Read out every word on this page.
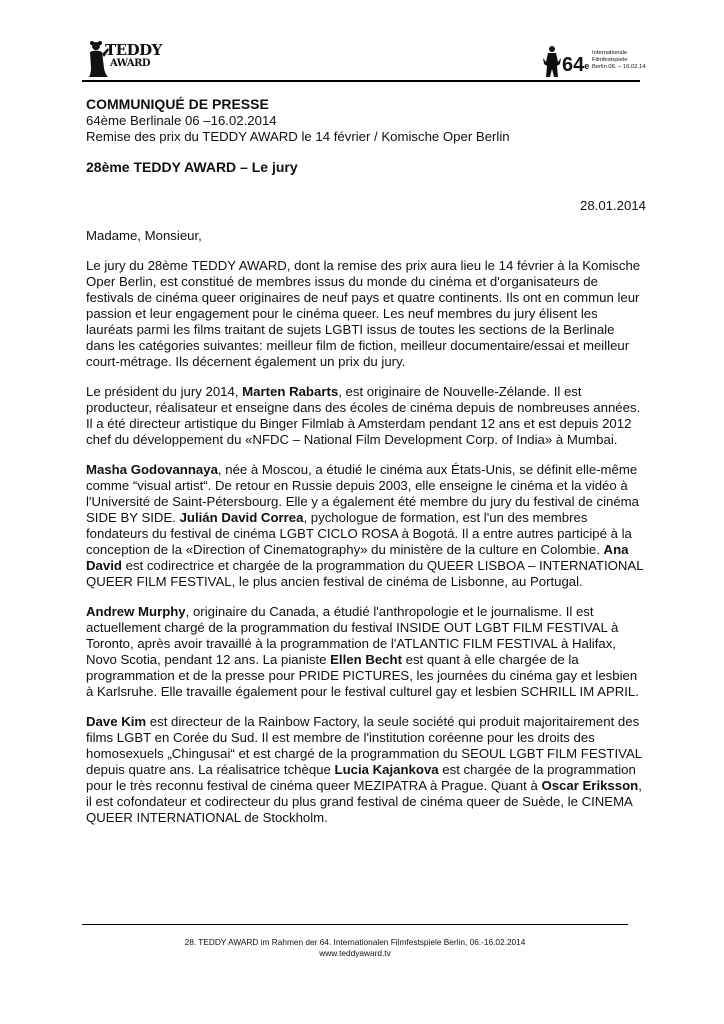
TEDDY
AWARD	64e
Internationale
Filmfestspiele
Berlin 06. – 16.02.14

COMMUNIQUÉ DE PRESSE

64ème Berlinale 06 –16.02.2014

Remise des prix du TEDDY AWARD le 14 février / Komische Oper Berlin

28ème TEDDY AWARD – Le jury

28.01.2014

Madame, Monsieur,

Le jury du 28ème TEDDY AWARD, dont la remise des prix aura lieu le 14 février à la Komische Oper Berlin, est constitué de membres issus du monde du cinéma et d'organisateurs de festivals de cinéma queer originaires de neuf pays et quatre continents. Ils ont en commun leur passion et leur engagement pour le cinéma queer. Les neuf membres du jury élisent les lauréats parmi les films traitant de sujets LGBTI issus de toutes les sections de la Berlinale dans les catégories suivantes: meilleur film de fiction, meilleur documentaire/essai et meilleur court-métrage. Ils décernent également un prix du jury.

Le président du jury 2014, Marten Rabarts, est originaire de Nouvelle-Zélande. Il est producteur, réalisateur et enseigne dans des écoles de cinéma depuis de nombreuses années. Il a été directeur artistique du Binger Filmlab à Amsterdam pendant 12 ans et est depuis 2012 chef du développement du «NFDC – National Film Development Corp. of India» à Mumbai.

Masha Godovannaya, née à Moscou, a étudié le cinéma aux États-Unis, se définit elle-même comme “visual artist“. De retour en Russie depuis 2003, elle enseigne le cinéma et la vidéo à l'Université de Saint-Pétersbourg. Elle y a également été membre du jury du festival de cinéma SIDE BY SIDE. Julián David Correa, pychologue de formation, est l'un des membres fondateurs du festival de cinéma LGBT CICLO ROSA à Bogotá. Il a entre autres participé à la conception de la «Direction of Cinematography» du ministère de la culture en Colombie. Ana David est codirectrice et chargée de la programmation du QUEER LISBOA – INTERNATIONAL QUEER FILM FESTIVAL, le plus ancien festival de cinéma de Lisbonne, au Portugal.

Andrew Murphy, originaire du Canada, a étudié l'anthropologie et le journalisme. Il est actuellement chargé de la programmation du festival INSIDE OUT LGBT FILM FESTIVAL à Toronto, après avoir travaillé à la programmation de l'ATLANTIC FILM FESTIVAL à Halifax, Novo Scotia, pendant 12 ans. La pianiste Ellen Becht est quant à elle chargée de la programmation et de la presse pour PRIDE PICTURES, les journées du cinéma gay et lesbien à Karlsruhe. Elle travaille également pour le festival culturel gay et lesbien SCHRILL IM APRIL.

Dave Kim est directeur de la Rainbow Factory, la seule société qui produit majoritairement des films LGBT en Corée du Sud. Il est membre de l'institution coréenne pour les droits des homosexuels „Chingusai“ et est chargé de la programmation du SEOUL LGBT FILM FESTIVAL depuis quatre ans. La réalisatrice tchèque Lucia Kajankova est chargée de la programmation pour le très reconnu festival de cinéma queer MEZIPATRA à Prague. Quant à Oscar Eriksson, il est cofondateur et codirecteur du plus grand festival de cinéma queer de Suède, le CINEMA QUEER INTERNATIONAL de Stockholm.

28. TEDDY AWARD im Rahmen der 64. Internationalen Filmfestspiele Berlin, 06.-16.02.2014
www.teddyaward.tv
